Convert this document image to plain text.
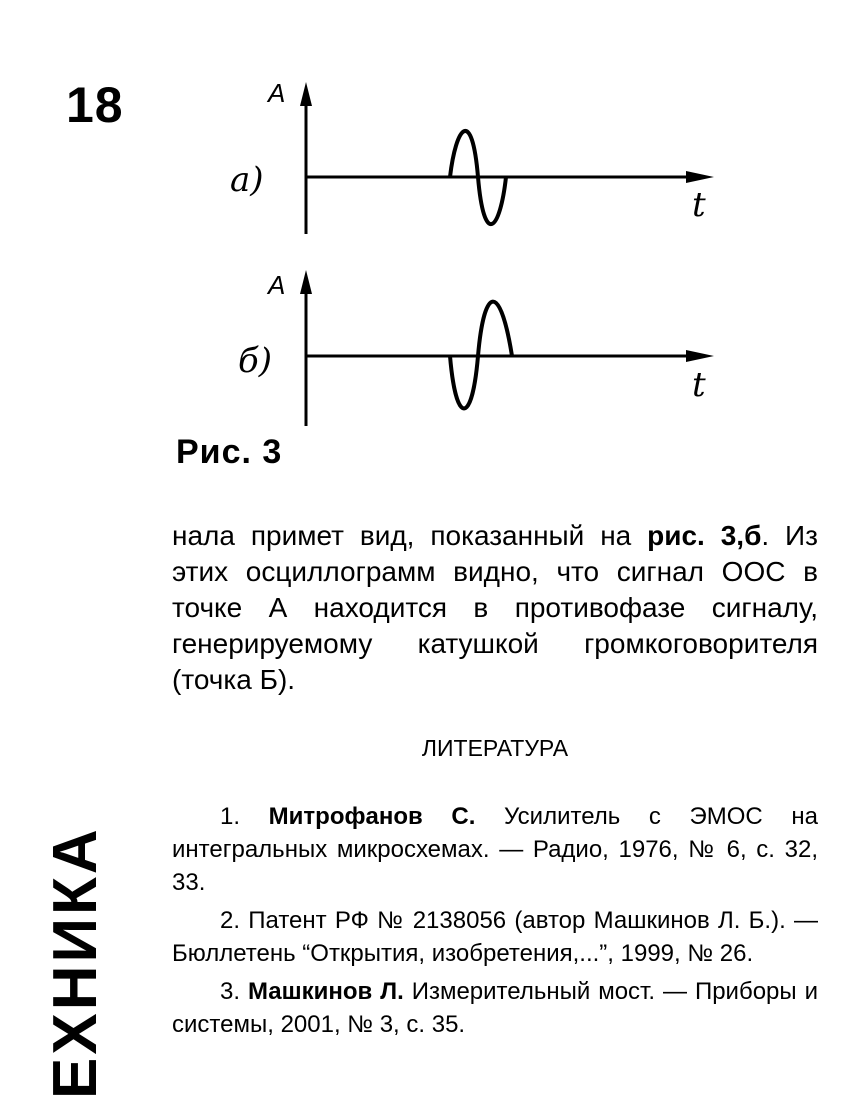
18
ЕХНИКА
A
a)
t
A
б)
t
Рис. 3

нала примет вид, показанный на рис. 3,б. Из этих осциллограмм видно, что сигнал ООС в точке А находится в противофазе сигналу, генерируемому катушкой громкоговорителя (точка Б).

ЛИТЕРАТУРА

1. Митрофанов С. Усилитель с ЭМОС на интегральных микросхемах. — Радио, 1976, № 6, с. 32, 33.

2. Патент РФ № 2138056 (автор Машкинов Л. Б.). — Бюллетень “Открытия, изобретения,...”, 1999, № 26.

3. Машкинов Л. Измерительный мост. — Приборы и системы, 2001, № 3, с. 35.
